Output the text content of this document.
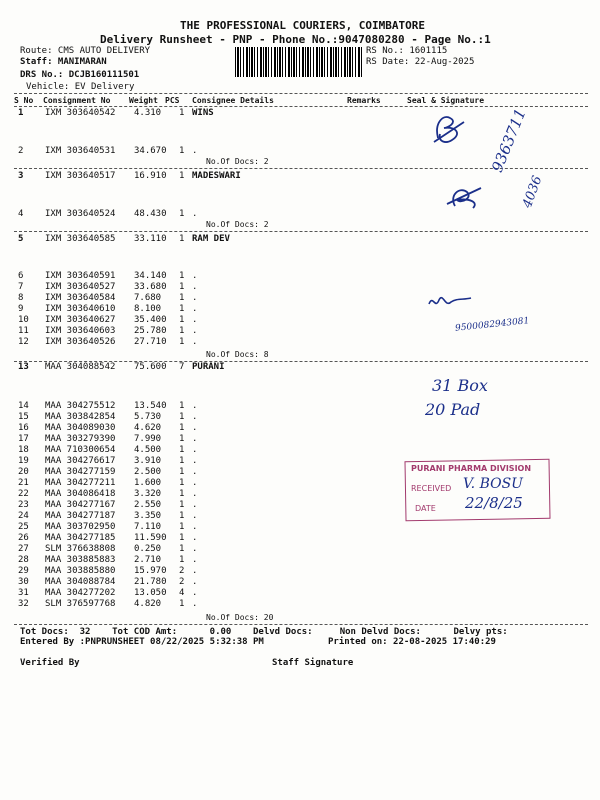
THE PROFESSIONAL COURIERS, COIMBATORE
Delivery Runsheet - PNP - Phone No.:9047080280 - Page No.:1
Route: CMS AUTO DELIVERY
Staff: MANIMARAN
DRS No.: DCJB160111501
Vehicle: EV Delivery
RS No.: 1601115
RS Date: 22-Aug-2025
S No Consignment No Weight PCS Consignee Details	Remarks	Seal & Signature
1 IXM 303640542 4.310 1 WINS
2 IXM 303640531 34.670 1 .
3 IXM 303640517 16.910 1 MADESWARI
4 IXM 303640524 48.430 1 .
5 IXM 303640585 33.110 1 RAM DEV
6 IXM 303640591 34.140 1 .
7 IXM 303640527 33.680 1 .
8 IXM 303640584 7.680 1 .
9 IXM 303640610 8.100 1 .
10 IXM 303640627 35.400 1 .
11 IXM 303640603 25.780 1 .
12 IXM 303640526 27.710 1 .
13 MAA 304088542 75.600 7 PURANI
14 MAA 304275512 13.540 1 .
15 MAA 303842854 5.730 1 .
16 MAA 304089030 4.620 1 .
17 MAA 303279390 7.990 1 .
18 MAA 710300654 4.500 1 .
19 MAA 304276617 3.910 1 .
20 MAA 304277159 2.500 1 .
21 MAA 304277211 1.600 1 .
22 MAA 304086418 3.320 1 .
23 MAA 304277167 2.550 1 .
24 MAA 304277187 3.350 1 .
25 MAA 303702950 7.110 1 .
26 MAA 304277185 11.590 1 .
27 SLM 376638808 0.250 1 .
28 MAA 303885883 2.710 1 .
29 MAA 303885880 15.970 2 .
30 MAA 304088784 21.780 2 .
31 MAA 304277202 13.050 4 .
32 SLM 376597768 4.820 1 .
No.Of Docs: 2
No.Of Docs: 2
No.Of Docs: 8
No.Of Docs: 20
Tot Docs:  32    Tot COD Amt:      0.00    Delvd Docs:     Non Delvd Docs:      Delvy pts:
Entered By :PNPRUNSHEET 08/22/2025 5:32:38 PM	Printed on: 22-08-2025 17:40:29
Verified By	Staff Signature
9363711
4036
9500082943081
31 Box
20 Pad
PURANI PHARMA DIVISION
RECEIVED V. BOSU
DATE 22/8/25
